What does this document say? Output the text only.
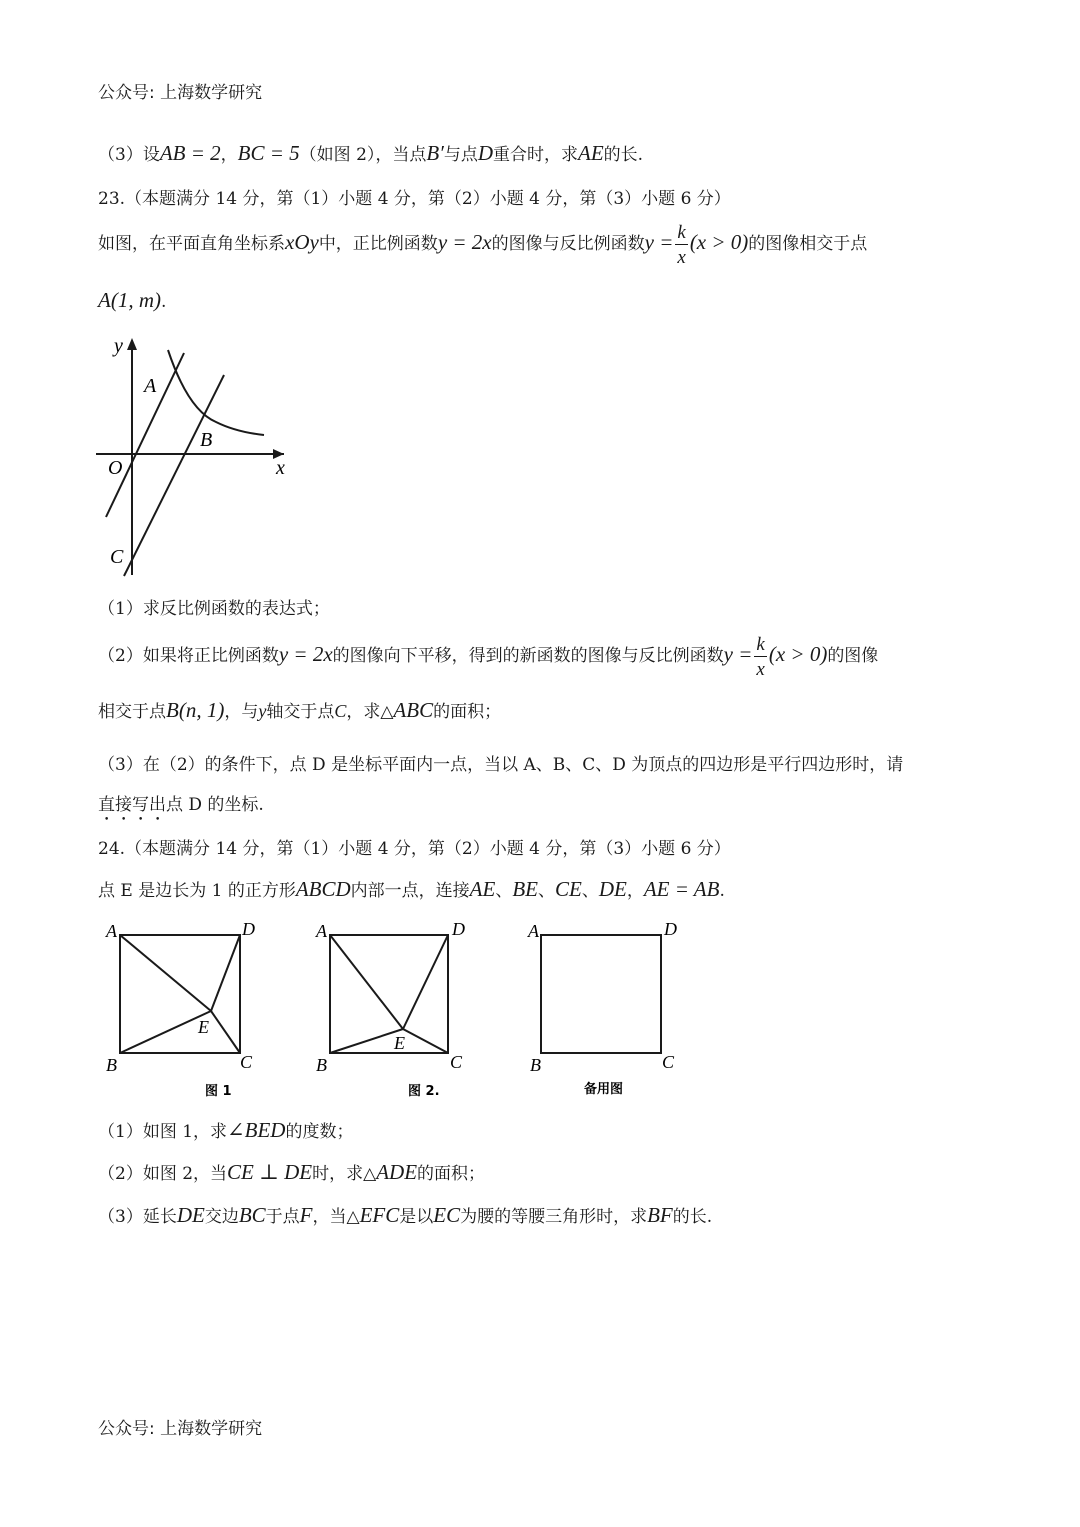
公众号: 上海数学研究
（3）设AB = 2，BC = 5（如图 2），当点B′与点D重合时，求AE的长.
23.（本题满分 14 分，第（1）小题 4 分，第（2）小题 4 分，第（3）小题 6 分）
如图，在平面直角坐标系xOy中，正比例函数y = 2x的图像与反比例函数$y = \frac{k}{x} (x > 0)$的图像相交于点
A(1, m).
y
A
B
O	x
C
（1）求反比例函数的表达式；
（2）如果将正比例函数y = 2x的图像向下平移，得到的新函数的图像与反比例函数$y = \frac{k}{x} (x > 0)$的图像
相交于点B(n, 1)，与y轴交于点C，求△ABC的面积；
（3）在（2）的条件下，点 D 是坐标平面内一点，当以 A、B、C、D 为顶点的四边形是平行四边形时，请
直接写出点 D 的坐标.
24.（本题满分 14 分，第（1）小题 4 分，第（2）小题 4 分，第（3）小题 6 分）
点 E 是边长为 1 的正方形ABCD内部一点，连接AE、BE、CE、DE，AE = AB.
A	D
E
B	C
图 1
A	D
E
B	C
图 2.
A	D
B	C
备用图
（1）如图 1，求∠BED的度数；
（2）如图 2，当CE ⊥ DE时，求△ADE的面积；
（3）延长DE交边BC于点F，当△EFC是以EC为腰的等腰三角形时，求BF的长.
公众号: 上海数学研究
